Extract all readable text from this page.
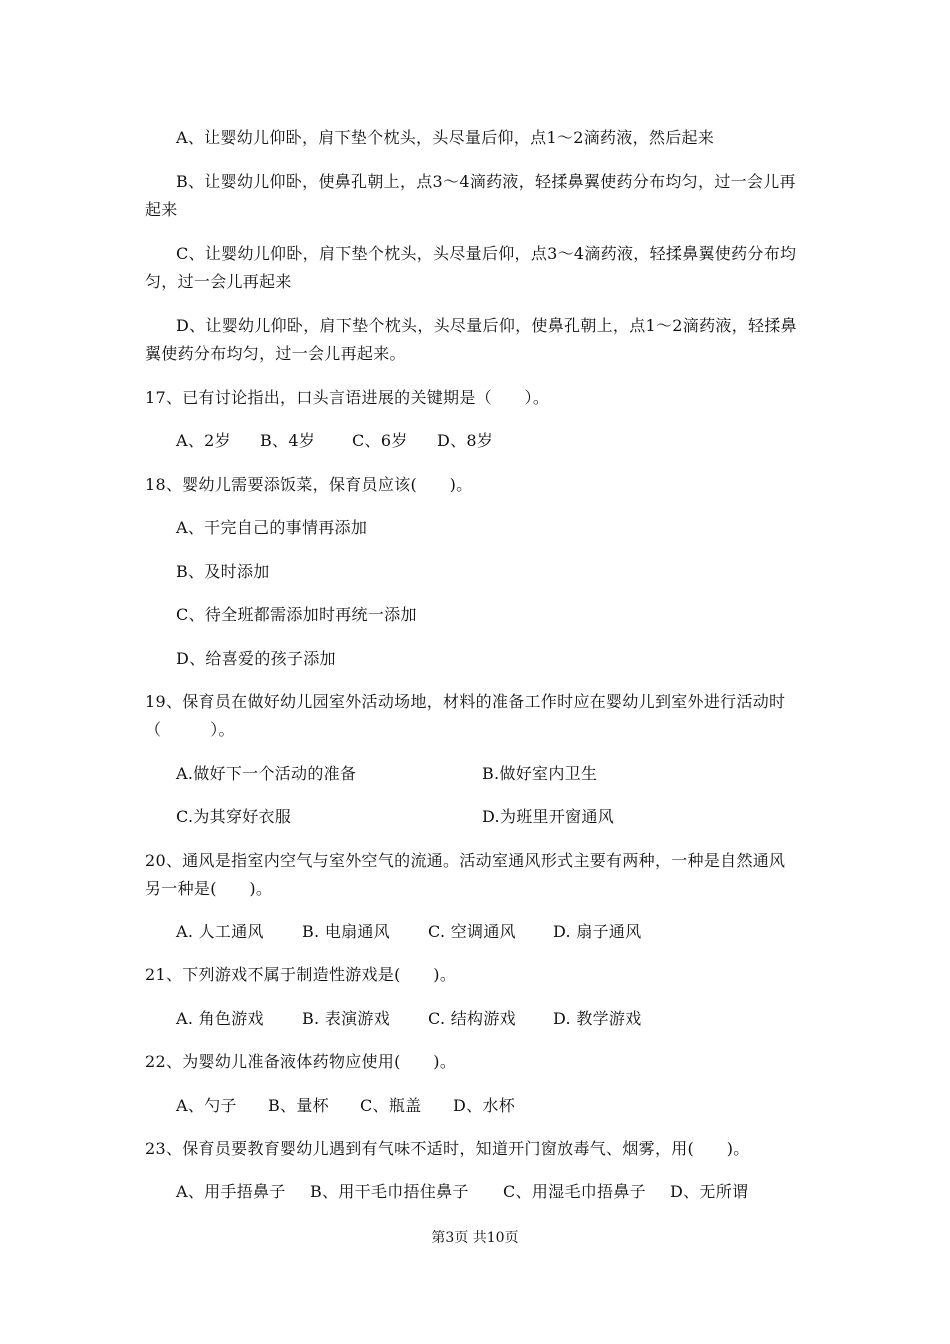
A、让婴幼儿仰卧，肩下垫个枕头，头尽量后仰，点1～2滴药液，然后起来
B、让婴幼儿仰卧，使鼻孔朝上，点3～4滴药液，轻揉鼻翼使药分布均匀，过一会儿再
起来
C、让婴幼儿仰卧，肩下垫个枕头，头尽量后仰，点3～4滴药液，轻揉鼻翼使药分布均
匀，过一会儿再起来
D、让婴幼儿仰卧，肩下垫个枕头，头尽量后仰，使鼻孔朝上，点1～2滴药液，轻揉鼻
翼使药分布均匀，过一会儿再起来。
17、已有讨论指出，口头言语进展的关键期是（　　）。
A、2岁 B、4岁 C、6岁 D、8岁
18、婴幼儿需要添饭菜，保育员应该(　　)。
A、干完自己的事情再添加
B、及时添加
C、待全班都需添加时再统一添加
D、给喜爱的孩子添加
19、保育员在做好幼儿园室外活动场地，材料的准备工作时应在婴幼儿到室外进行活动时
（　　　）。
A.做好下一个活动的准备	B.做好室内卫生
C.为其穿好衣服	D.为班里开窗通风
20、通风是指室内空气与室外空气的流通。活动室通风形式主要有两种，一种是自然通风
另一种是(　　)。
A. 人工通风 B. 电扇通风 C. 空调通风 D. 扇子通风
21、下列游戏不属于制造性游戏是(　　)。
A. 角色游戏 B. 表演游戏 C. 结构游戏 D. 教学游戏
22、为婴幼儿准备液体药物应使用(　　)。
A、勺子 B、量杯 C、瓶盖 D、水杯
23、保育员要教育婴幼儿遇到有气味不适时，知道开门窗放毒气、烟雾，用(　　)。
A、用手捂鼻子 B、用干毛巾捂住鼻子 C、用湿毛巾捂鼻子 D、无所谓
第3页 共10页
